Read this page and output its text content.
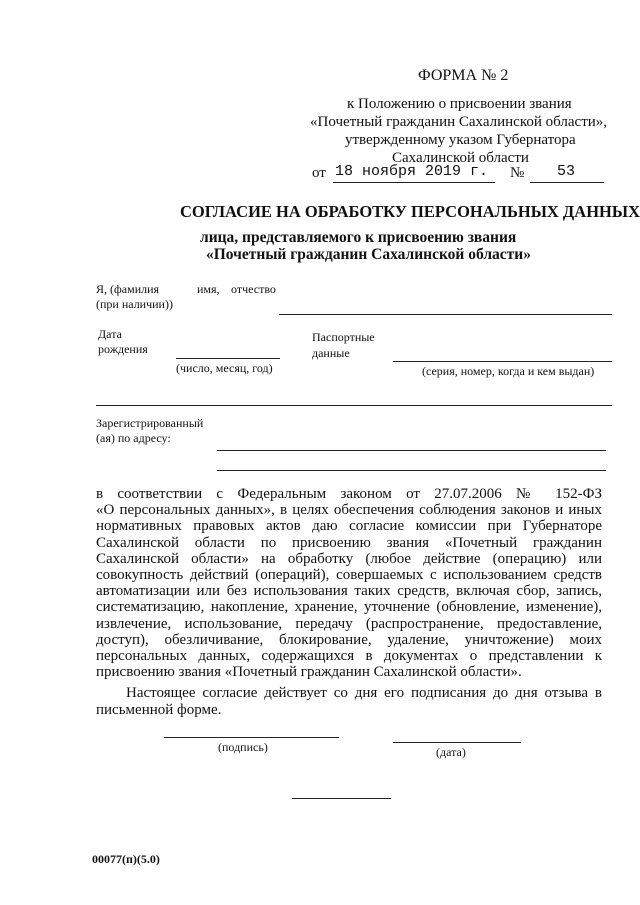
ФОРМА № 2
к Положению о присвоении звания
«Почетный гражданин Сахалинской области»,
утвержденному указом Губернатора
Сахалинской области
от 18 ноября 2019 г. № 53
СОГЛАСИЕ НА ОБРАБОТКУ ПЕРСОНАЛЬНЫХ ДАННЫХ
лица, представляемого к присвоению звания
«Почетный гражданин Сахалинской области»
Я, (фамилия	имя, отчество
(при наличии))
Дата
рождения
(число, месяц, год)
Паспортные
данные
(серия, номер, когда и кем выдан)
Зарегистрированный
(ая) по адресу:
в соответствии с Федеральным законом от 27.07.2006 № 152-ФЗ
«О персональных данных», в целях обеспечения соблюдения законов и иных
нормативных правовых актов даю согласие комиссии при Губернаторе
Сахалинской области по присвоению звания «Почетный гражданин
Сахалинской области» на обработку (любое действие (операцию) или
совокупность действий (операций), совершаемых с использованием средств
автоматизации или без использования таких средств, включая сбор, запись,
систематизацию, накопление, хранение, уточнение (обновление, изменение),
извлечение, использование, передачу (распространение, предоставление,
доступ), обезличивание, блокирование, удаление, уничтожение) моих
персональных данных, содержащихся в документах о представлении к
присвоению звания «Почетный гражданин Сахалинской области».
Настоящее согласие действует со дня его подписания до дня отзыва в
письменной форме.
(подпись)	(дата)
00077(п)(5.0)
